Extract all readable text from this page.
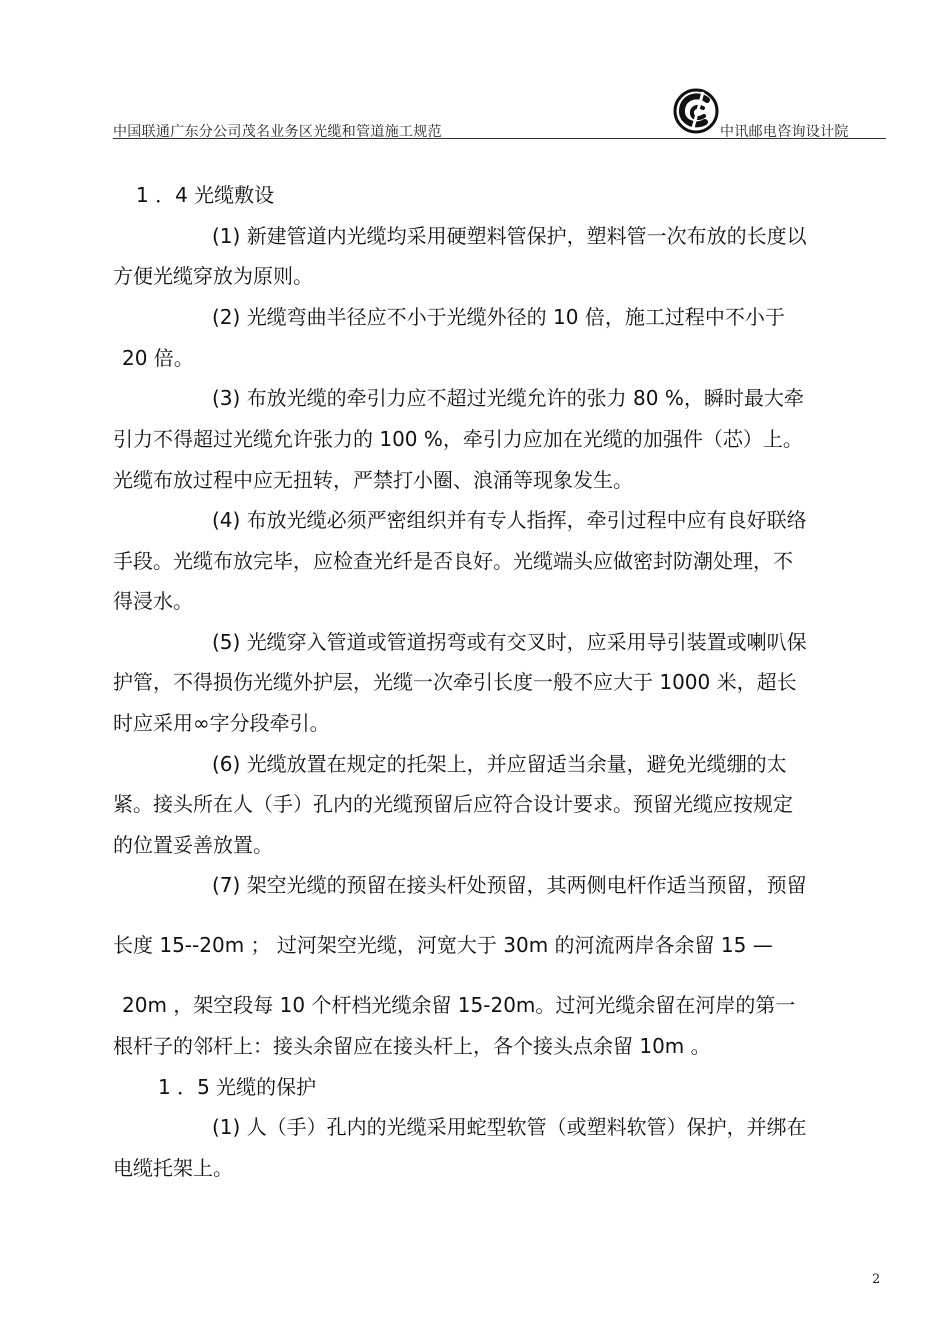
中国联通广东分公司茂名业务区光缆和管道施工规范	中讯邮电咨询设计院
1 ．4 光缆敷设
(1) 新建管道内光缆均采用硬塑料管保护，塑料管一次布放的长度以
方便光缆穿放为原则。
(2) 光缆弯曲半径应不小于光缆外径的 10 倍，施工过程中不小于
20 倍。
(3) 布放光缆的牵引力应不超过光缆允许的张力 80 %，瞬时最大牵
引力不得超过光缆允许张力的 100 %，牵引力应加在光缆的加强件（芯）上。
光缆布放过程中应无扭转，严禁打小圈、浪涌等现象发生。
(4) 布放光缆必须严密组织并有专人指挥，牵引过程中应有良好联络
手段。光缆布放完毕，应检查光纤是否良好。光缆端头应做密封防潮处理，不
得浸水。
(5) 光缆穿入管道或管道拐弯或有交叉时，应采用导引装置或喇叭保
护管，不得损伤光缆外护层，光缆一次牵引长度一般不应大于 1000 米，超长
时应采用∞字分段牵引。
(6) 光缆放置在规定的托架上，并应留适当余量，避免光缆绷的太
紧。接头所在人（手）孔内的光缆预留后应符合设计要求。预留光缆应按规定
的位置妥善放置。
(7) 架空光缆的预留在接头杆处预留，其两侧电杆作适当预留，预留
长度 15--20m ； 过河架空光缆，河宽大于 30m 的河流两岸各余留 15 —
20m ，架空段每 10 个杆档光缆余留 15-20m。过河光缆余留在河岸的第一
根杆子的邻杆上：接头余留应在接头杆上，各个接头点余留 10m 。
1 ．5 光缆的保护
(1) 人（手）孔内的光缆采用蛇型软管（或塑料软管）保护，并绑在
电缆托架上。
2
